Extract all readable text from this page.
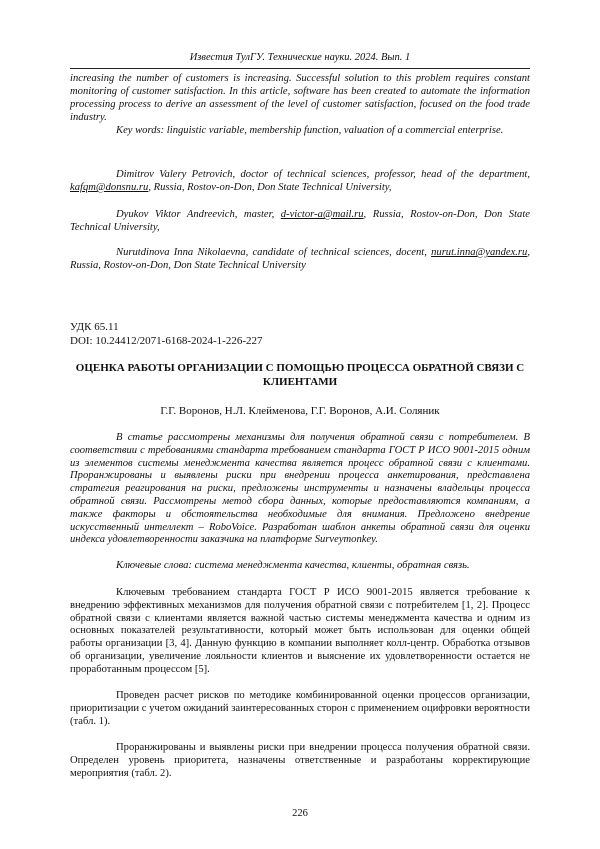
Известия ТулГУ. Технические науки. 2024. Вып. 1

increasing the number of customers is increasing. Successful solution to this problem requires constant monitoring of customer satisfaction. In this article, software has been created to automate the information processing process to derive an assessment of the level of customer satisfaction, focused on the food trade industry.

Key words: linguistic variable, membership function, valuation of a commercial enterprise.

Dimitrov Valery Petrovich, doctor of technical sciences, professor, head of the department, kafqm@donsnu.ru, Russia, Rostov-on-Don, Don State Technical University,

Dyukov Viktor Andreevich, master, d-victor-a@mail.ru, Russia, Rostov-on-Don, Don State Technical University,

Nurutdinova Inna Nikolaevna, candidate of technical sciences, docent, nurut.inna@yandex.ru, Russia, Rostov-on-Don, Don State Technical University

УДК 65.11
DOI: 10.24412/2071-6168-2024-1-226-227
ОЦЕНКА РАБОТЫ ОРГАНИЗАЦИИ С ПОМОЩЬЮ ПРОЦЕССА ОБРАТНОЙ СВЯЗИ С КЛИЕНТАМИ
Г.Г. Воронов, Н.Л. Клейменова, Г.Г. Воронов, А.И. Соляник

В статье рассмотрены механизмы для получения обратной связи с потребителем. В соответствии с требованиями стандарта требованием стандарта ГОСТ Р ИСО 9001-2015 одним из элементов системы менеджмента качества является процесс обратной связи с клиентами. Проранжированы и выявлены риски при внедрении процесса анкетирования, представлена стратегия реагирования на риски, предложены инструменты и назначены владельцы процесса обратной связи. Рассмотрены метод сбора данных, которые предоставляются компаниям, а также факторы и обстоятельства необходимые для внимания. Предложено внедрение искусственный интеллект – RoboVoice. Разработан шаблон анкеты обратной связи для оценки индекса удовлетворенности заказчика на платформе Surveymonkey.

Ключевые слова: система менеджмента качества, клиенты, обратная связь.

Ключевым требованием стандарта ГОСТ Р ИСО 9001-2015 является требование к внедрению эффективных механизмов для получения обратной связи с потребителем [1, 2]. Процесс обратной связи с клиентами является важной частью системы менеджмента качества и одним из основных показателей результативности, который может быть использован для оценки общей работы организации [3, 4]. Данную функцию в компании выполняет колл-центр. Обработка отзывов об организации, увеличение лояльности клиентов и выяснение их удовлетворенности остается не проработанным процессом [5].

Проведен расчет рисков по методике комбинированной оценки процессов организации, приоритизации с учетом ожиданий заинтересованных сторон с применением оцифровки вероятности (табл. 1).

Проранжированы и выявлены риски при внедрении процесса получения обратной связи. Определен уровень приоритета, назначены ответственные и разработаны корректирующие мероприятия (табл. 2).

226
